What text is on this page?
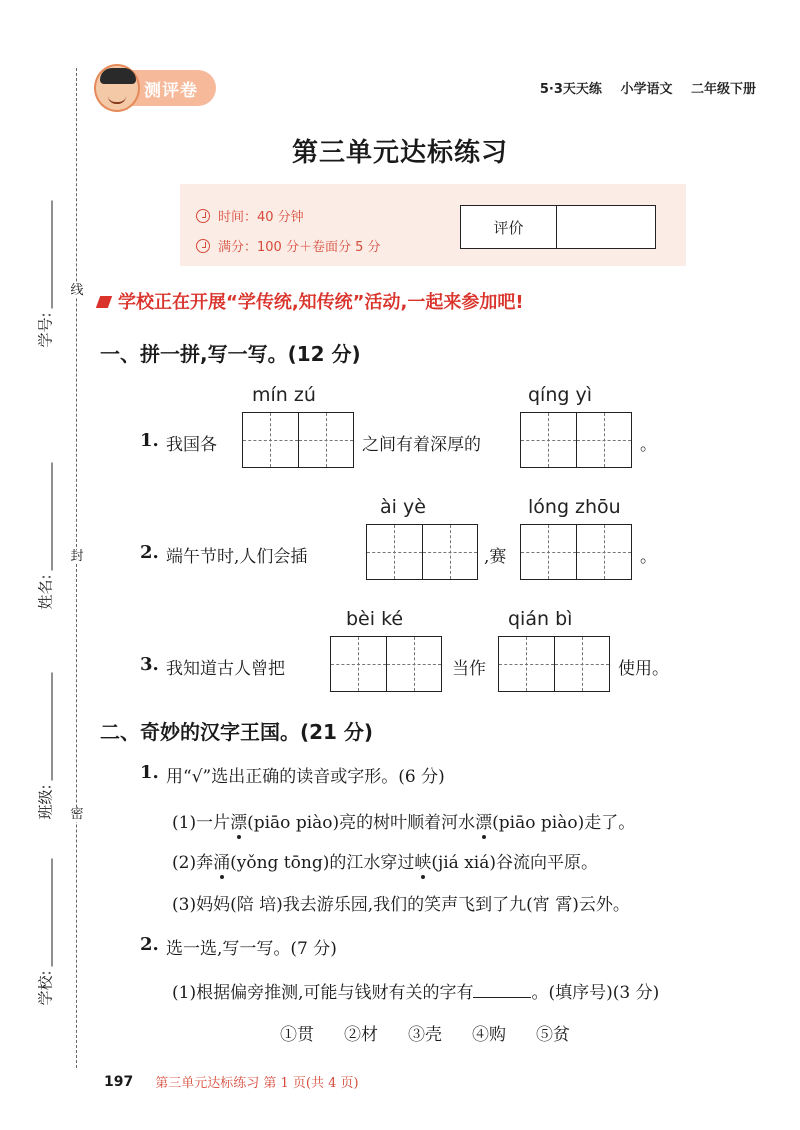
线
封
密
学号:
姓名:
班级:
学校:
测评卷	5·3天天练 小学语文 二年级下册
第三单元达标练习
时间：40 分钟
满分：100 分＋卷面分 5 分
评价
学校正在开展“学传统,知传统”活动,一起来参加吧!
一、拼一拼,写一写。(12 分)
mín zú	qíng yì
1. 我国各	之间有着深厚的	。
ài yè	lóng zhōu
2. 端午节时,人们会插	,赛	。
bèi ké	qián bì
3. 我知道古人曾把	当作	使用。
二、奇妙的汉字王国。(21 分)
1. 用“√”选出正确的读音或字形。(6 分)
(1)一片漂(piāo piào)亮的树叶顺着河水漂(piāo piào)走了。
(2)奔涌(yǒng tōng)的江水穿过峡(jiá xiá)谷流向平原。
(3)妈妈(陪 培)我去游乐园,我们的笑声飞到了九(宵 霄)云外。
2. 选一选,写一写。(7 分)
(1)根据偏旁推测,可能与钱财有关的字有	。(填序号)(3 分)
①贯 ②材 ③壳 ④购 ⑤贫
197 第三单元达标练习 第 1 页(共 4 页)
